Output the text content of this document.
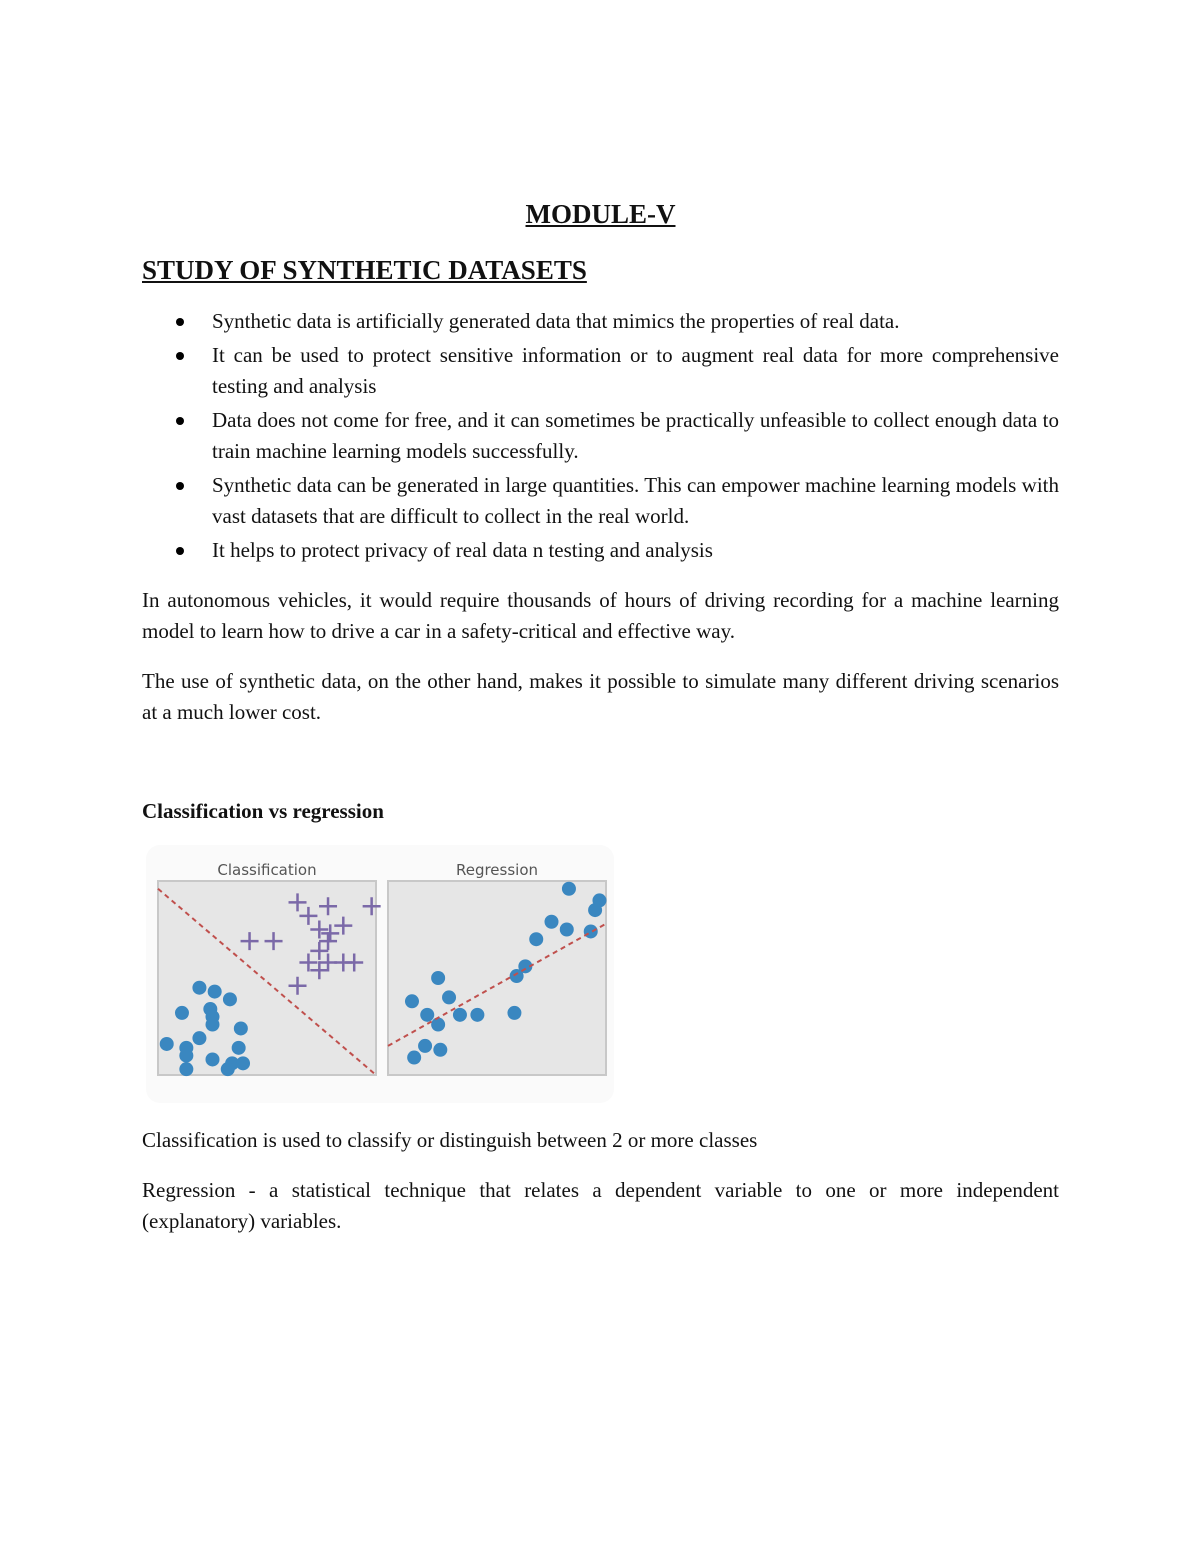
MODULE-V
STUDY OF SYNTHETIC DATASETS
Synthetic data is artificially generated data that mimics the properties of real data.
It can be used to protect sensitive information or to augment real data for more comprehensive testing and analysis
Data does not come for free, and it can sometimes be practically unfeasible to collect enough data to train machine learning models successfully.
Synthetic data can be generated in large quantities. This can empower machine learning models with vast datasets that are difficult to collect in the real world.
It helps to protect privacy of real data n testing and analysis

In autonomous vehicles, it would require thousands of hours of driving recording for a machine learning model to learn how to drive a car in a safety-critical and effective way.

The use of synthetic data, on the other hand, makes it possible to simulate many different driving scenarios at a much lower cost.

Classification vs regression
Classification	Regression

Classification is used to classify or distinguish between 2 or more classes

Regression - a statistical technique that relates a dependent variable to one or more independent (explanatory) variables.
